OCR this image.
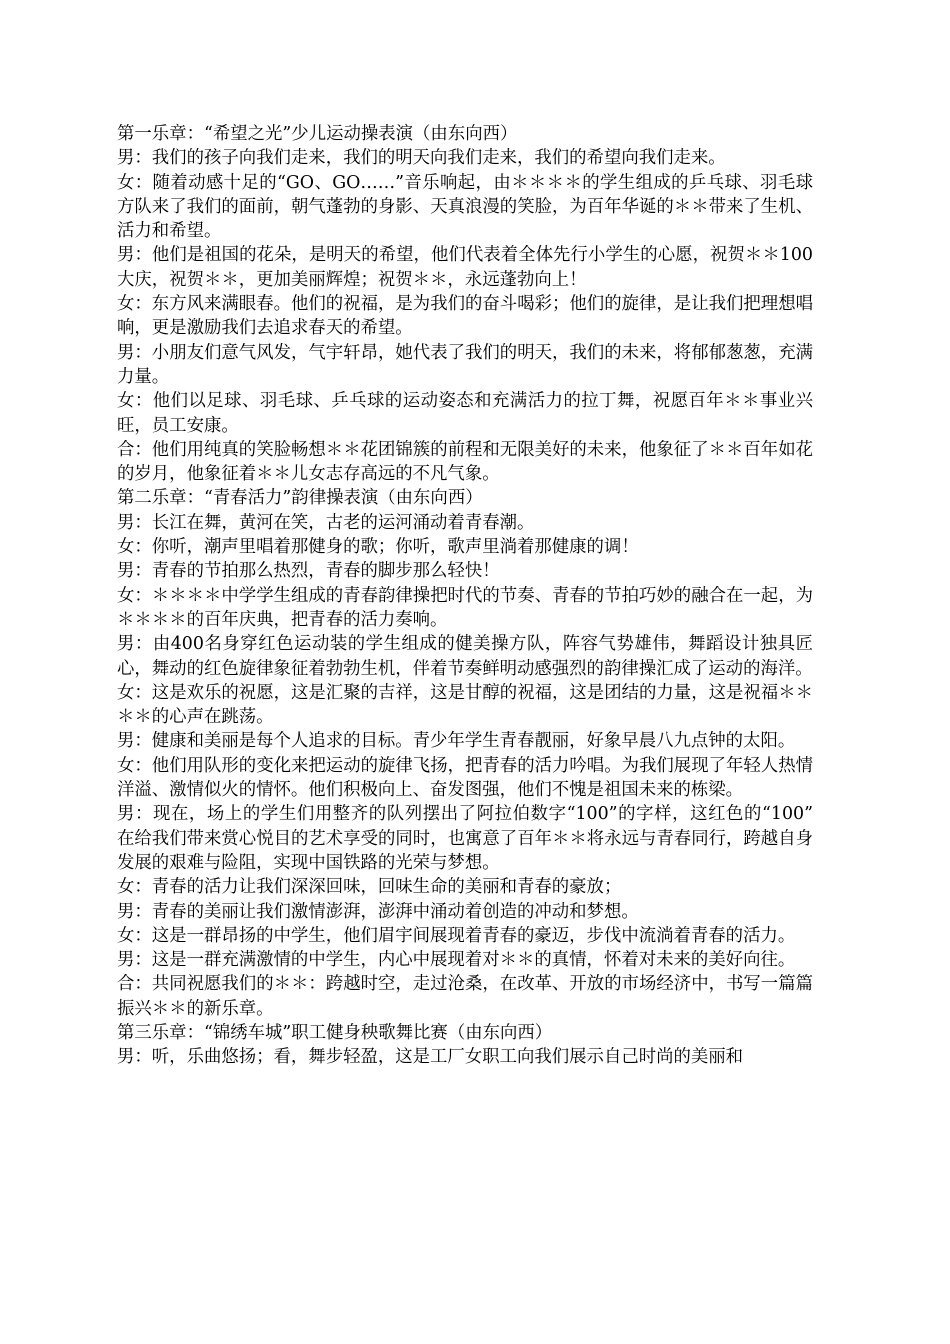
第一乐章：“希望之光”少儿运动操表演（由东向西）

男：我们的孩子向我们走来，我们的明天向我们走来，我们的希望向我们走来。

女：随着动感十足的“GO、GO……”音乐响起，由＊＊＊＊的学生组成的乒乓球、羽毛球方队来了我们的面前，朝气蓬勃的身影、天真浪漫的笑脸，为百年华诞的＊＊带来了生机、活力和希望。

男：他们是祖国的花朵，是明天的希望，他们代表着全体先行小学生的心愿，祝贺＊＊100大庆，祝贺＊＊，更加美丽辉煌；祝贺＊＊，永远蓬勃向上！

女：东方风来满眼春。他们的祝福，是为我们的奋斗喝彩；他们的旋律，是让我们把理想唱响，更是激励我们去追求春天的希望。

男：小朋友们意气风发，气宇轩昂，她代表了我们的明天，我们的未来，将郁郁葱葱，充满力量。

女：他们以足球、羽毛球、乒乓球的运动姿态和充满活力的拉丁舞，祝愿百年＊＊事业兴旺，员工安康。

合：他们用纯真的笑脸畅想＊＊花团锦簇的前程和无限美好的未来，他象征了＊＊百年如花的岁月，他象征着＊＊儿女志存高远的不凡气象。

第二乐章：“青春活力”韵律操表演（由东向西）

男：长江在舞，黄河在笑，古老的运河涌动着青春潮。

女：你听，潮声里唱着那健身的歌；你听，歌声里淌着那健康的调！

男：青春的节拍那么热烈，青春的脚步那么轻快！

女：＊＊＊＊中学学生组成的青春韵律操把时代的节奏、青春的节拍巧妙的融合在一起，为＊＊＊＊的百年庆典，把青春的活力奏响。

男：由400名身穿红色运动装的学生组成的健美操方队，阵容气势雄伟，舞蹈设计独具匠心，舞动的红色旋律象征着勃勃生机，伴着节奏鲜明动感强烈的韵律操汇成了运动的海洋。

女：这是欢乐的祝愿，这是汇聚的吉祥，这是甘醇的祝福，这是团结的力量，这是祝福＊＊＊＊的心声在跳荡。

男：健康和美丽是每个人追求的目标。青少年学生青春靓丽，好象早晨八九点钟的太阳。

女：他们用队形的变化来把运动的旋律飞扬，把青春的活力吟唱。为我们展现了年轻人热情洋溢、激情似火的情怀。他们积极向上、奋发图强，他们不愧是祖国未来的栋梁。

男：现在，场上的学生们用整齐的队列摆出了阿拉伯数字“100”的字样，这红色的“100” 在给我们带来赏心悦目的艺术享受的同时，也寓意了百年＊＊将永远与青春同行，跨越自身发展的艰难与险阻，实现中国铁路的光荣与梦想。

女：青春的活力让我们深深回味，回味生命的美丽和青春的豪放；

男：青春的美丽让我们激情澎湃，澎湃中涌动着创造的冲动和梦想。

女：这是一群昂扬的中学生，他们眉宇间展现着青春的豪迈，步伐中流淌着青春的活力。

男：这是一群充满激情的中学生，内心中展现着对＊＊的真情，怀着对未来的美好向往。

合：共同祝愿我们的＊＊：跨越时空，走过沧桑，在改革、开放的市场经济中，书写一篇篇振兴＊＊的新乐章。

第三乐章：“锦绣车城”职工健身秧歌舞比赛（由东向西）

男：听，乐曲悠扬；看，舞步轻盈，这是工厂女职工向我们展示自己时尚的美丽和
